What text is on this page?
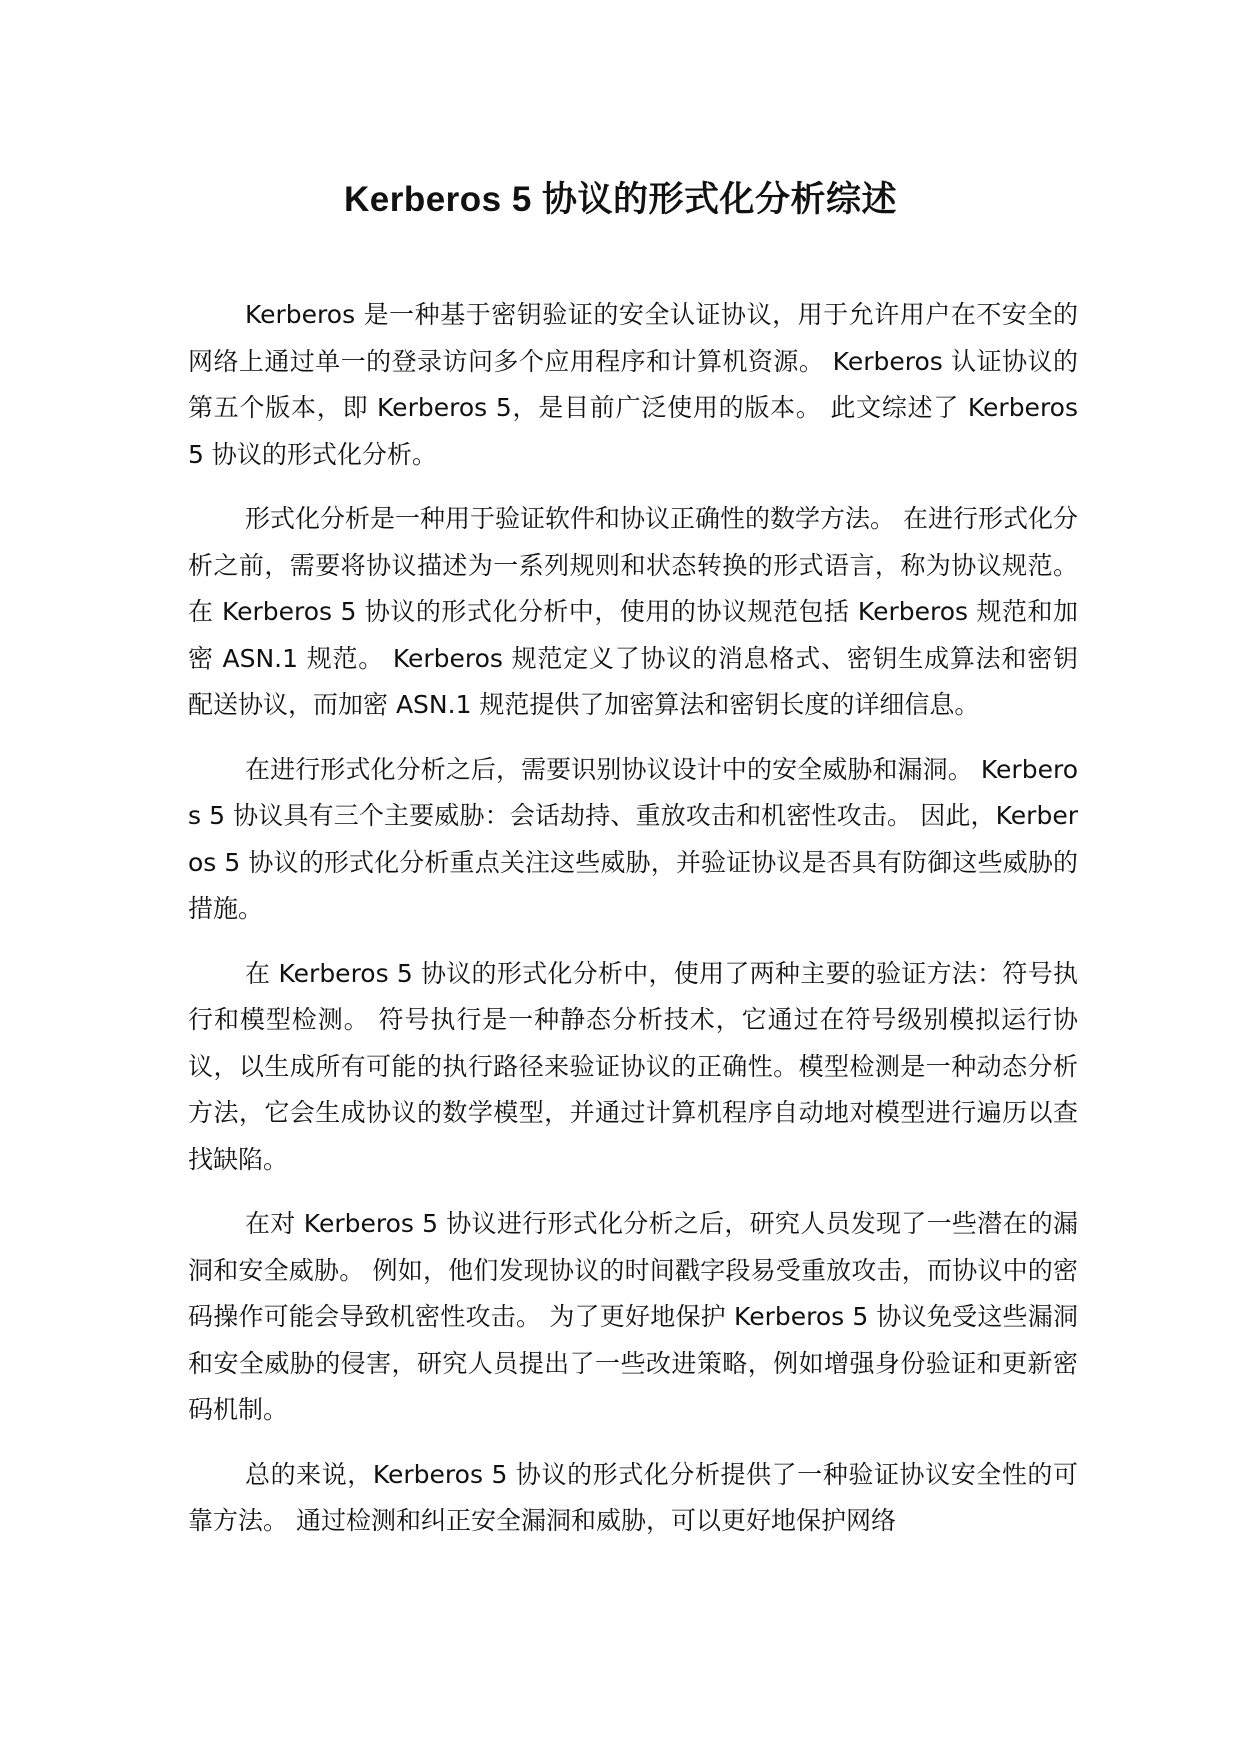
Kerberos 5 协议的形式化分析综述

Kerberos 是一种基于密钥验证的安全认证协议，用于允许用户在不安全的网络上通过单一的登录访问多个应用程序和计算机资源。 Kerberos 认证协议的第五个版本，即 Kerberos 5，是目前广泛使用的版本。 此文综述了 Kerberos 5 协议的形式化分析。

形式化分析是一种用于验证软件和协议正确性的数学方法。 在进行形式化分析之前，需要将协议描述为一系列规则和状态转换的形式语言，称为协议规范。 在 Kerberos 5 协议的形式化分析中，使用的协议规范包括 Kerberos 规范和加密 ASN.1 规范。 Kerberos 规范定义了协议的消息格式、密钥生成算法和密钥配送协议，而加密 ASN.1 规范提供了加密算法和密钥长度的详细信息。

在进行形式化分析之后，需要识别协议设计中的安全威胁和漏洞。 Kerberos 5 协议具有三个主要威胁：会话劫持、重放攻击和机密性攻击。 因此，Kerberos 5 协议的形式化分析重点关注这些威胁，并验证协议是否具有防御这些威胁的措施。

在 Kerberos 5 协议的形式化分析中，使用了两种主要的验证方法：符号执行和模型检测。 符号执行是一种静态分析技术，它通过在符号级别模拟运行协议，以生成所有可能的执行路径来验证协议的正确性。模型检测是一种动态分析方法，它会生成协议的数学模型，并通过计算机程序自动地对模型进行遍历以查找缺陷。

在对 Kerberos 5 协议进行形式化分析之后，研究人员发现了一些潜在的漏洞和安全威胁。 例如，他们发现协议的时间戳字段易受重放攻击，而协议中的密码操作可能会导致机密性攻击。 为了更好地保护 Kerberos 5 协议免受这些漏洞和安全威胁的侵害，研究人员提出了一些改进策略，例如增强身份验证和更新密码机制。

总的来说，Kerberos 5 协议的形式化分析提供了一种验证协议安全性的可靠方法。 通过检测和纠正安全漏洞和威胁，可以更好地保护网络
